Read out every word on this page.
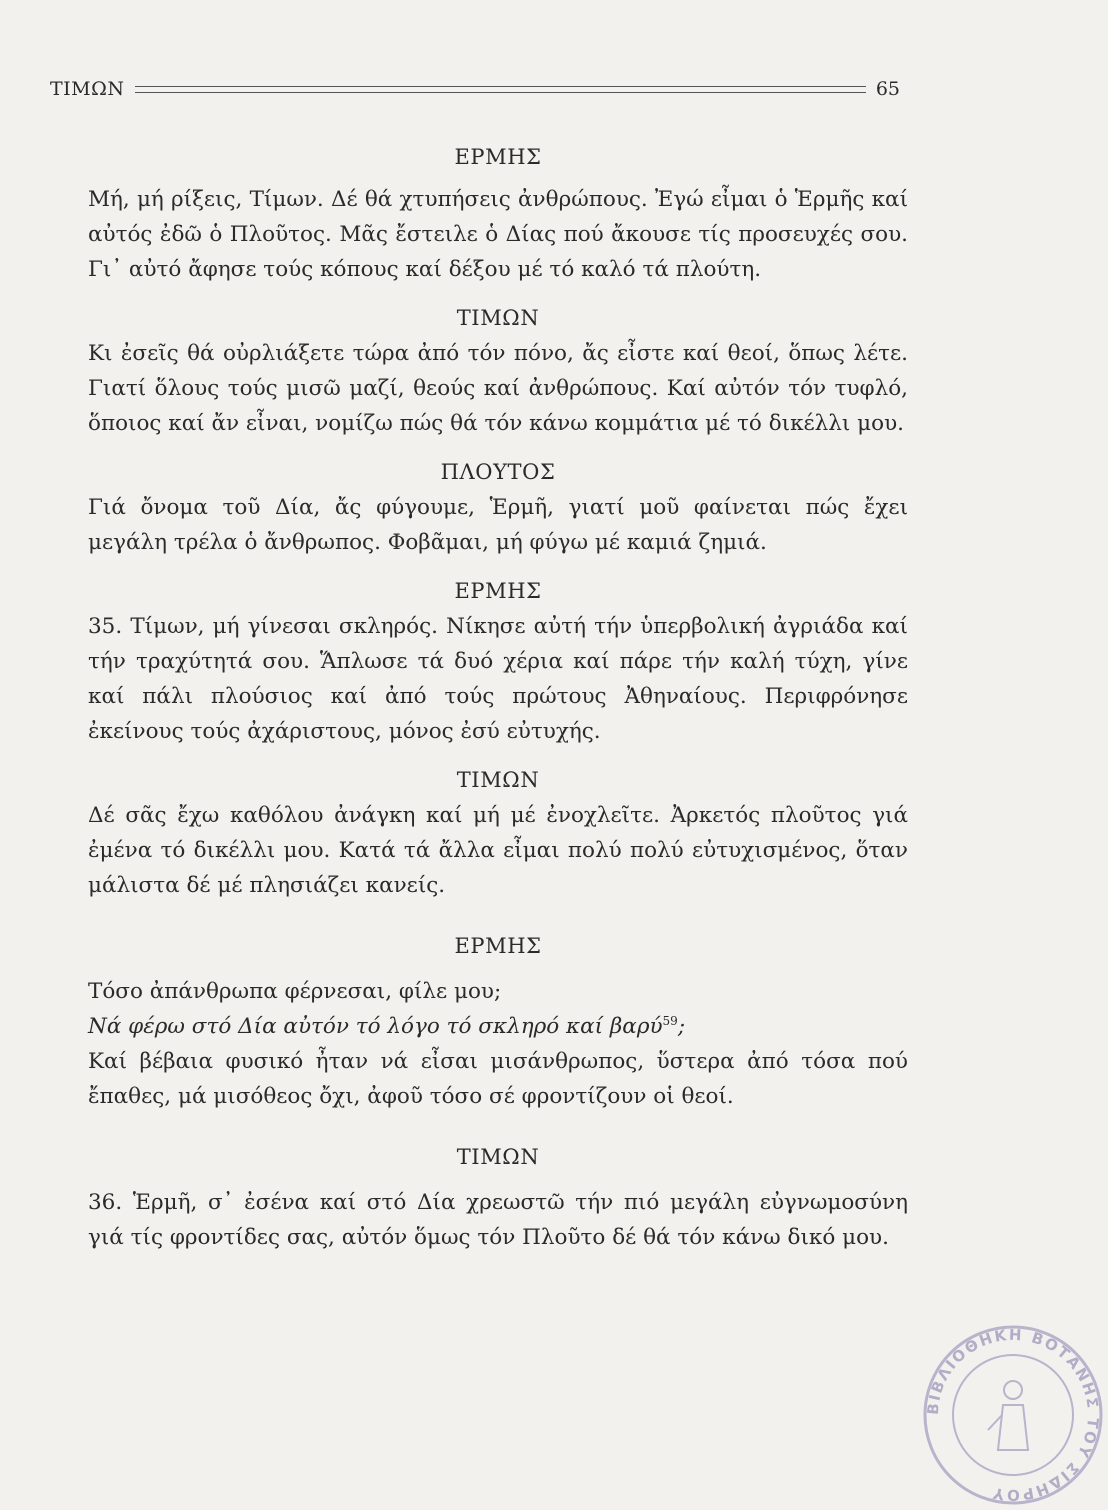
ΤΙΜΩΝ	65
ΕΡΜΗΣ

Μή, μή ρίξεις, Τίμων. Δέ θά χτυπήσεις ἀνθρώπους. Ἐγώ εἶμαι ὁ Ἑρμῆς καί αὐτός ἐδῶ ὁ Πλοῦτος. Μᾶς ἔστειλε ὁ Δίας πού ἄκουσε τίς προσευχές σου. Γι᾽ αὐτό ἄφησε τούς κόπους καί δέξου μέ τό καλό τά πλούτη.

ΤΙΜΩΝ

Κι ἐσεῖς θά οὐρλιάξετε τώρα ἀπό τόν πόνο, ἄς εἶστε καί θεοί, ὅπως λέτε. Γιατί ὅλους τούς μισῶ μαζί, θεούς καί ἀνθρώπους. Καί αὐτόν τόν τυφλό, ὅποιος καί ἄν εἶναι, νομίζω πώς θά τόν κάνω κομμάτια μέ τό δικέλλι μου.

ΠΛΟΥΤΟΣ

Γιά ὄνομα τοῦ Δία, ἄς φύγουμε, Ἑρμῆ, γιατί μοῦ φαίνεται πώς ἔχει μεγάλη τρέλα ὁ ἄνθρωπος. Φοβᾶμαι, μή φύγω μέ καμιά ζημιά.

ΕΡΜΗΣ

35. Τίμων, μή γίνεσαι σκληρός. Νίκησε αὐτή τήν ὑπερβολική ἀγριάδα καί τήν τραχύτητά σου. Ἅπλωσε τά δυό χέρια καί πάρε τήν καλή τύχη, γίνε καί πάλι πλούσιος καί ἀπό τούς πρώτους Ἀθηναίους. Περιφρόνησε ἐκείνους τούς ἀχάριστους, μόνος ἐσύ εὐτυχής.

ΤΙΜΩΝ

Δέ σᾶς ἔχω καθόλου ἀνάγκη καί μή μέ ἐνοχλεῖτε. Ἀρκετός πλοῦτος γιά ἐμένα τό δικέλλι μου. Κατά τά ἄλλα εἶμαι πολύ πολύ εὐτυχισμένος, ὅταν μάλιστα δέ μέ πλησιάζει κανείς.

ΕΡΜΗΣ

Τόσο ἀπάνθρωπα φέρνεσαι, φίλε μου;

Νά φέρω στό Δία αὐτόν τό λόγο τό σκληρό καί βαρύ$^{59}$;

Καί βέβαια φυσικό ἦταν νά εἶσαι μισάνθρωπος, ὕστερα ἀπό τόσα πού ἔπαθες, μά μισόθεος ὄχι, ἀφοῦ τόσο σέ φροντίζουν οἱ θεοί.

ΤΙΜΩΝ

36. Ἑρμῆ, σ᾽ ἐσένα καί στό Δία χρεωστῶ τήν πιό μεγάλη εὐγνωμοσύνη γιά τίς φροντίδες σας, αὐτόν ὅμως τόν Πλοῦτο δέ θά τόν κάνω δικό μου.

ΒΙΒΛΙΟΘΗΚΗ ΒΟΤΑΝΗΣ ΤΟΥ ΣΙΔΗΡΟΥ
